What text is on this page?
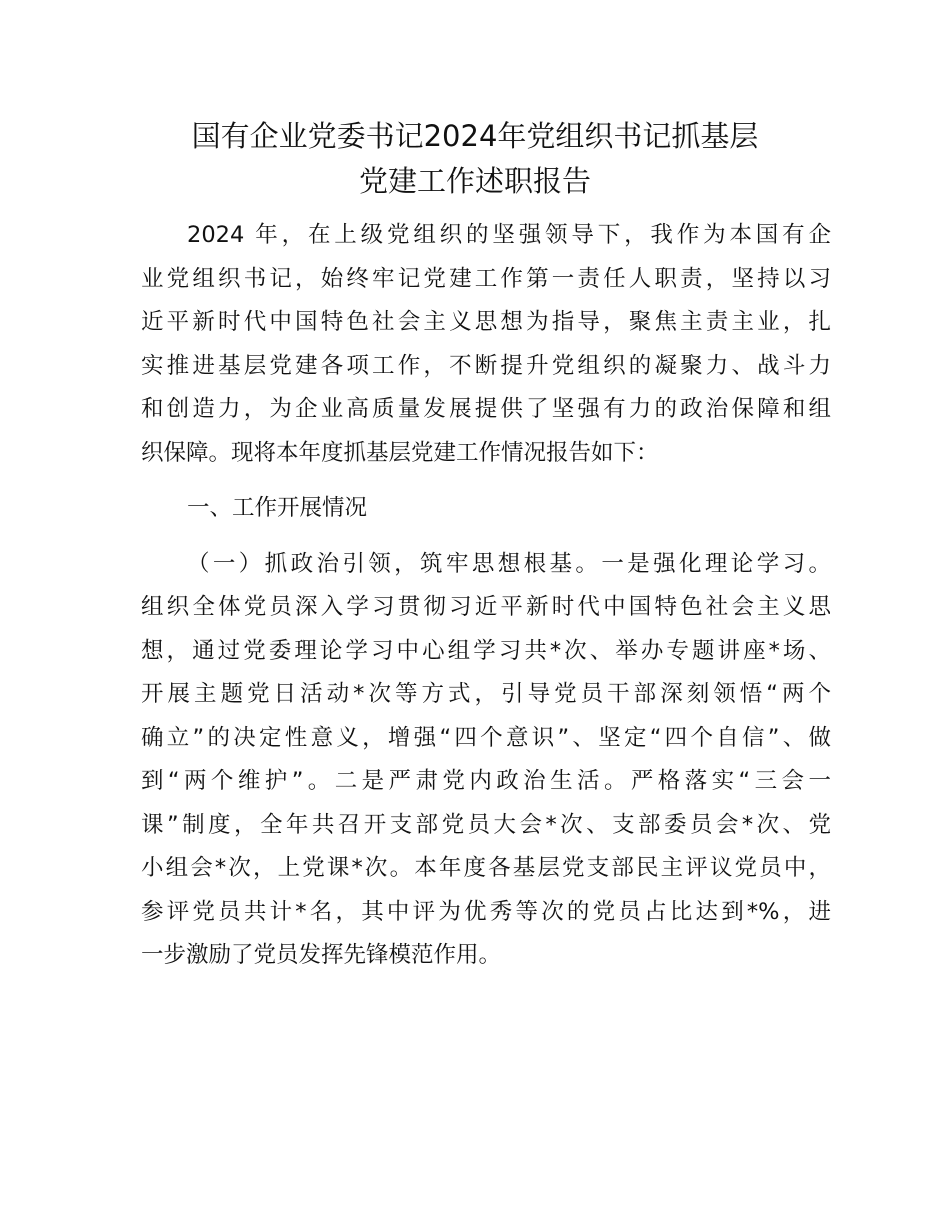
国有企业党委书记2024年党组织书记抓基层
党建工作述职报告
2024 年，在上级党组织的坚强领导下，我作为本国有企
业党组织书记，始终牢记党建工作第一责任人职责，坚持以习
近平新时代中国特色社会主义思想为指导，聚焦主责主业，扎
实推进基层党建各项工作，不断提升党组织的凝聚力、战斗力
和创造力，为企业高质量发展提供了坚强有力的政治保障和组
织保障。现将本年度抓基层党建工作情况报告如下：
一、工作开展情况
（一）抓政治引领，筑牢思想根基。一是强化理论学习。
组织全体党员深入学习贯彻习近平新时代中国特色社会主义思
想，通过党委理论学习中心组学习共*次、举办专题讲座*场、
开展主题党日活动*次等方式，引导党员干部深刻领悟“两个
确立”的决定性意义，增强“四个意识”、坚定“四个自信”、做
到“两个维护”。二是严肃党内政治生活。严格落实“三会一
课”制度，全年共召开支部党员大会*次、支部委员会*次、党
小组会*次，上党课*次。本年度各基层党支部民主评议党员中，
参评党员共计*名，其中评为优秀等次的党员占比达到*%，进
一步激励了党员发挥先锋模范作用。
